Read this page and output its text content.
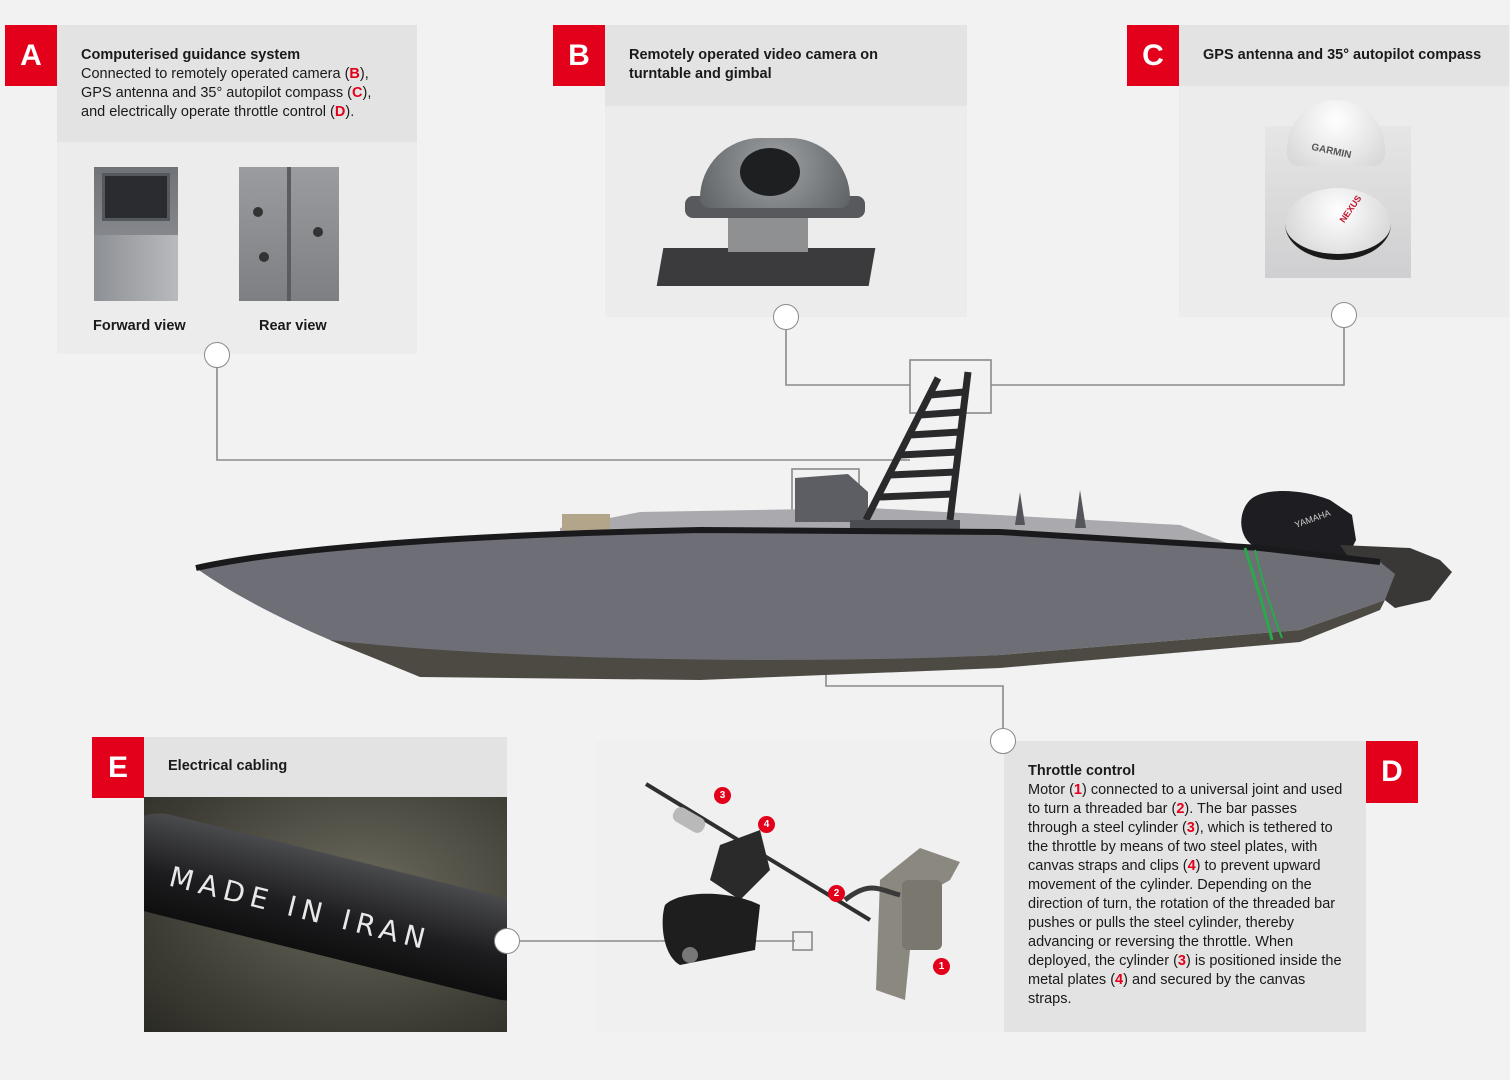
YAMAHA
A	Computerised guidance system
Connected to remotely operated camera (B),
GPS antenna and 35° autopilot compass (C),
and electrically operate throttle control (D).
Forward view	Rear view
B	Remotely operated video camera on
turntable and gimbal
C	GPS antenna and 35° autopilot compass
GARMIN
NEXUS
E	Electrical cabling
MADE IN IRAN
Throttle control
Motor (1) connected to a universal joint and used to turn a threaded bar (2). The bar passes through a steel cylinder (3), which is tethered to the throttle by means of two steel plates, with canvas straps and clips (4) to prevent upward movement of the cylinder. Depending on the direction of turn, the rotation of the threaded bar pushes or pulls the steel cylinder, thereby advancing or reversing the throttle. When deployed, the cylinder (3) is positioned inside the metal plates (4) and secured by the canvas straps.
D
3
4
2
1
